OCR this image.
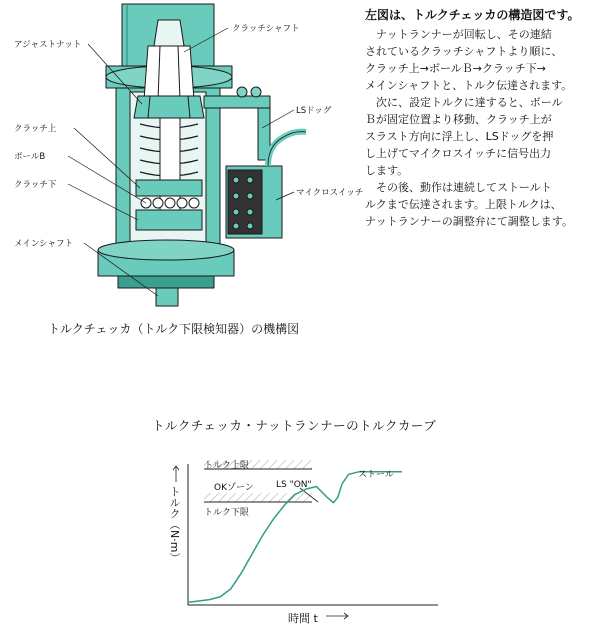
クラッチシャフト
アジャストナット
LSドッグ
クラッチ上
ボールB
クラッチ下
マイクロスイッチ
メインシャフト
トルクチェッカ（トルク下限検知器）の機構図
左図は、トルクチェッカの構造図です。
　ナットランナーが回転し、その連結
されているクラッチシャフトより順に、
クラッチ上→ボールＢ→クラッチ下→
メインシャフトと、トルク伝達されます。
　次に、設定トルクに達すると、ボール
Ｂが固定位置より移動、クラッチ上が
スラスト方向に浮上し、LSドッグを押
し上げてマイクロスイッチに信号出力
します。
　その後、動作は連続してストールト
ルクまで伝達されます。上限トルクは、
ナットランナーの調整弁にて調整します。
トルクチェッカ・ナットランナーのトルクカーブ
トルク上限
トルク下限
OKゾーン LS "ON"
ストール
トルク（N·m）
時間 t
